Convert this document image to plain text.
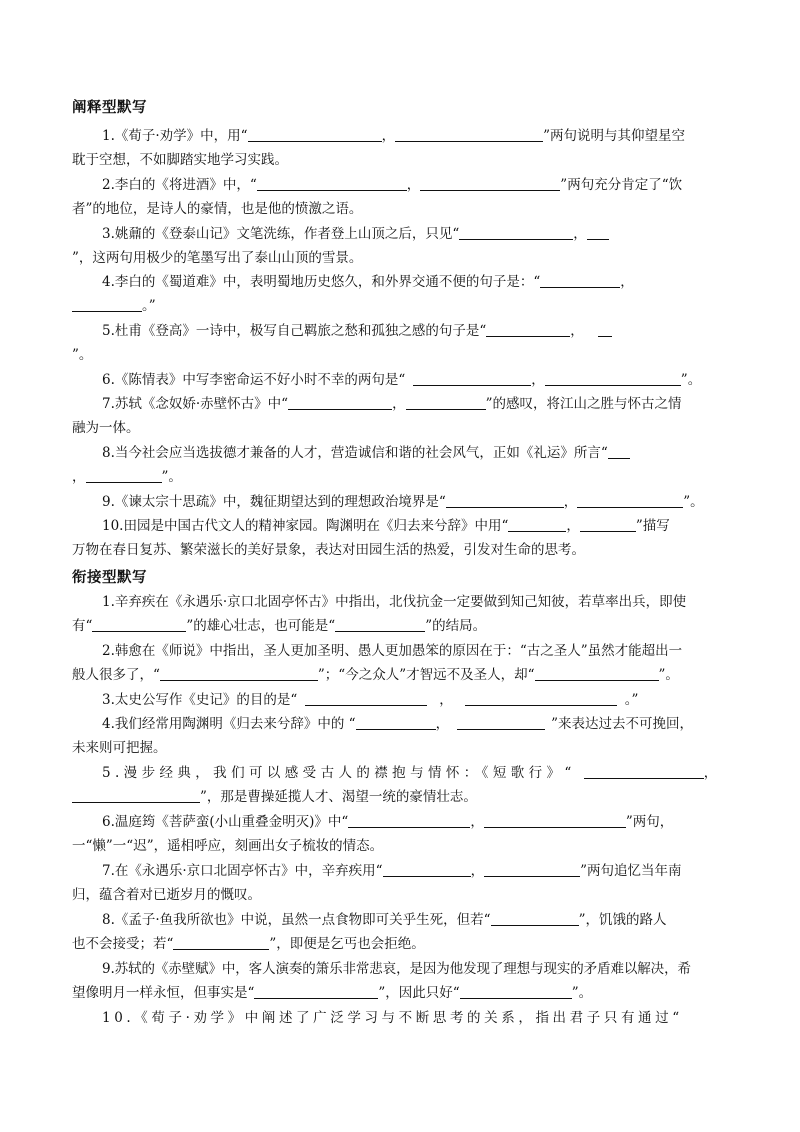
阐释型默写
1.《荀子·劝学》中，用“	，	”两句说明与其仰望星空
耽于空想，不如脚踏实地学习实践。
2.李白的《将进酒》中，“	，	”两句充分肯定了“饮
者”的地位，是诗人的豪情，也是他的愤激之语。
3.姚鼐的《登泰山记》文笔洗练，作者登上山顶之后，只见“	，
”，这两句用极少的笔墨写出了泰山山顶的雪景。
4.李白的《蜀道难》中，表明蜀地历史悠久，和外界交通不便的句子是：“	，
。”
5.杜甫《登高》一诗中，极写自己羁旅之愁和孤独之感的句子是“	，
”。
6.《陈情表》中写李密命运不好小时不幸的两句是“	，	”。
7.苏轼《念奴娇·赤壁怀古》中“	，	”的感叹，将江山之胜与怀古之情
融为一体。
8.当今社会应当选拔德才兼备的人才，营造诚信和谐的社会风气，正如《礼运》所言“
，	”。
9.《谏太宗十思疏》中，魏征期望达到的理想政治境界是“	，	”。
10.田园是中国古代文人的精神家园。陶渊明在《归去来兮辞》中用“	，	”描写
万物在春日复苏、繁荣滋长的美好景象，表达对田园生活的热爱，引发对生命的思考。
衔接型默写
1.辛弃疾在《永遇乐·京口北固亭怀古》中指出，北伐抗金一定要做到知己知彼，若草率出兵，即使
有“	”的雄心壮志，也可能是“	”的结局。
2.韩愈在《师说》中指出，圣人更加圣明、愚人更加愚笨的原因在于：“古之圣人”虽然才能超出一
般人很多了，“	”；“今之众人”才智远不及圣人，却“	”。
3.太史公写作《史记》的目的是“	，	。”
4.我们经常用陶渊明《归去来兮辞》中的 “	，	”来表达过去不可挽回，
未来则可把握。
5.漫步经典，我们可以感受古人的襟抱与情怀：《短歌行》“	，
”，那是曹操延揽人才、渴望一统的豪情壮志。
6.温庭筠《菩萨蛮(小山重叠金明灭)》中“	，	”两句，
一“懒”一“迟”，遥相呼应，刻画出女子梳妆的情态。
7.在《永遇乐·京口北固亭怀古》中，辛弃疾用“	，	”两句追忆当年南
归，蕴含着对已逝岁月的慨叹。
8.《孟子·鱼我所欲也》中说，虽然一点食物即可关乎生死，但若“	”，饥饿的路人
也不会接受；若“	”，即便是乞丐也会拒绝。
9.苏轼的《赤壁赋》中，客人演奏的箫乐非常悲哀，是因为他发现了理想与现实的矛盾难以解决，希
望像明月一样永恒，但事实是“	”，因此只好“	”。
10.《荀子·劝学》中阐述了广泛学习与不断思考的关系，指出君子只有通过“
